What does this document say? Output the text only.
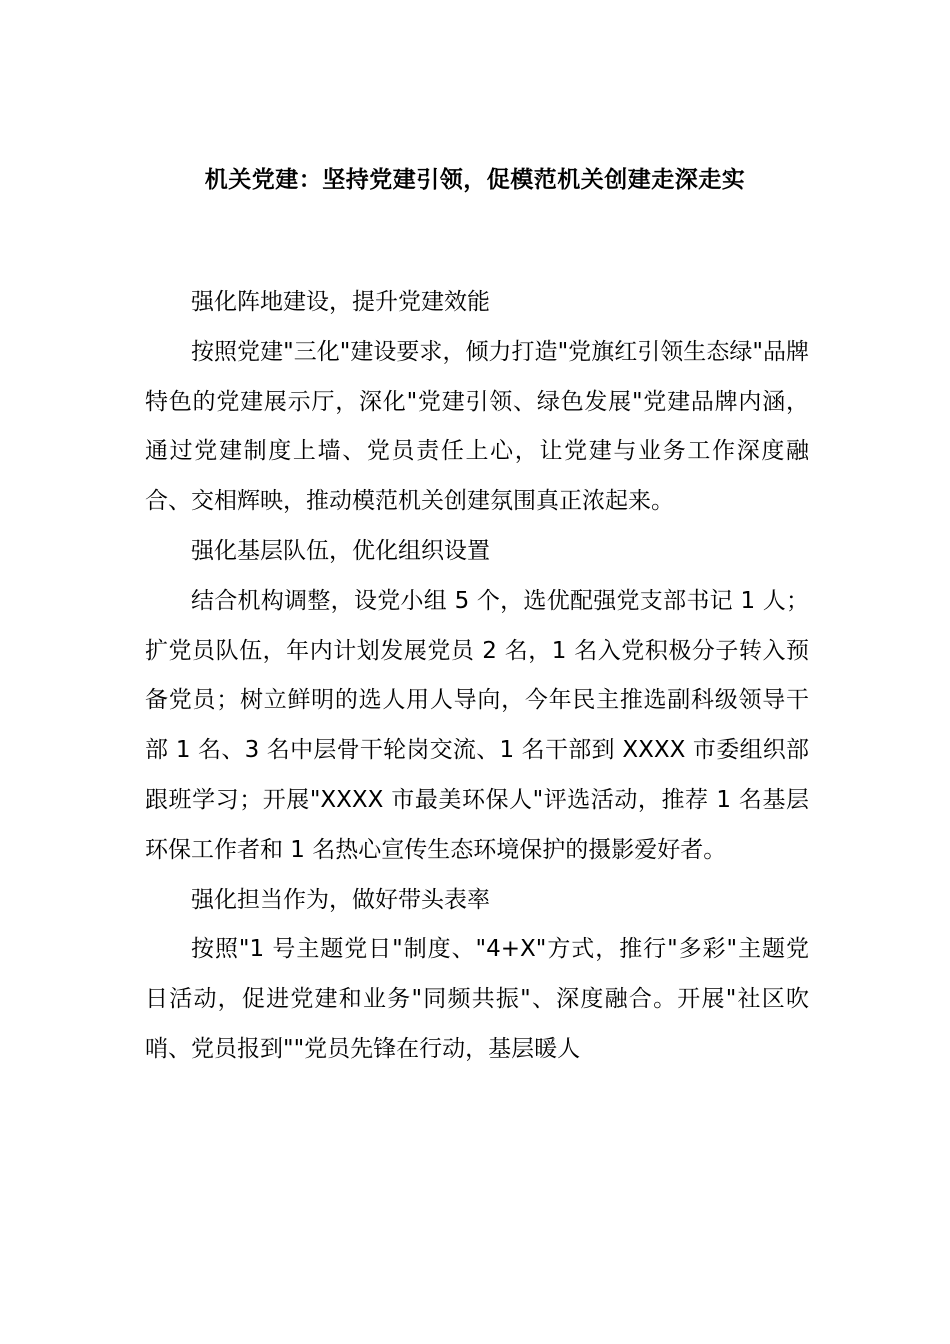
机关党建：坚持党建引领，促模范机关创建走深走实

强化阵地建设，提升党建效能

按照党建"三化"建设要求，倾力打造"党旗红引领生态绿"品牌特色的党建展示厅，深化"党建引领、绿色发展"党建品牌内涵，通过党建制度上墙、党员责任上心，让党建与业务工作深度融合、交相辉映，推动模范机关创建氛围真正浓起来。

强化基层队伍，优化组织设置

结合机构调整，设党小组 5 个，选优配强党支部书记 1 人；扩党员队伍，年内计划发展党员 2 名，1 名入党积极分子转入预备党员；树立鲜明的选人用人导向，今年民主推选副科级领导干部 1 名、3 名中层骨干轮岗交流、1 名干部到 XXXX 市委组织部跟班学习；开展"XXXX 市最美环保人"评选活动，推荐 1 名基层环保工作者和 1 名热心宣传生态环境保护的摄影爱好者。

强化担当作为，做好带头表率

按照"1 号主题党日"制度、"4+X"方式，推行"多彩"主题党日活动，促进党建和业务"同频共振"、深度融合。开展"社区吹哨、党员报到""党员先锋在行动，基层暖人
